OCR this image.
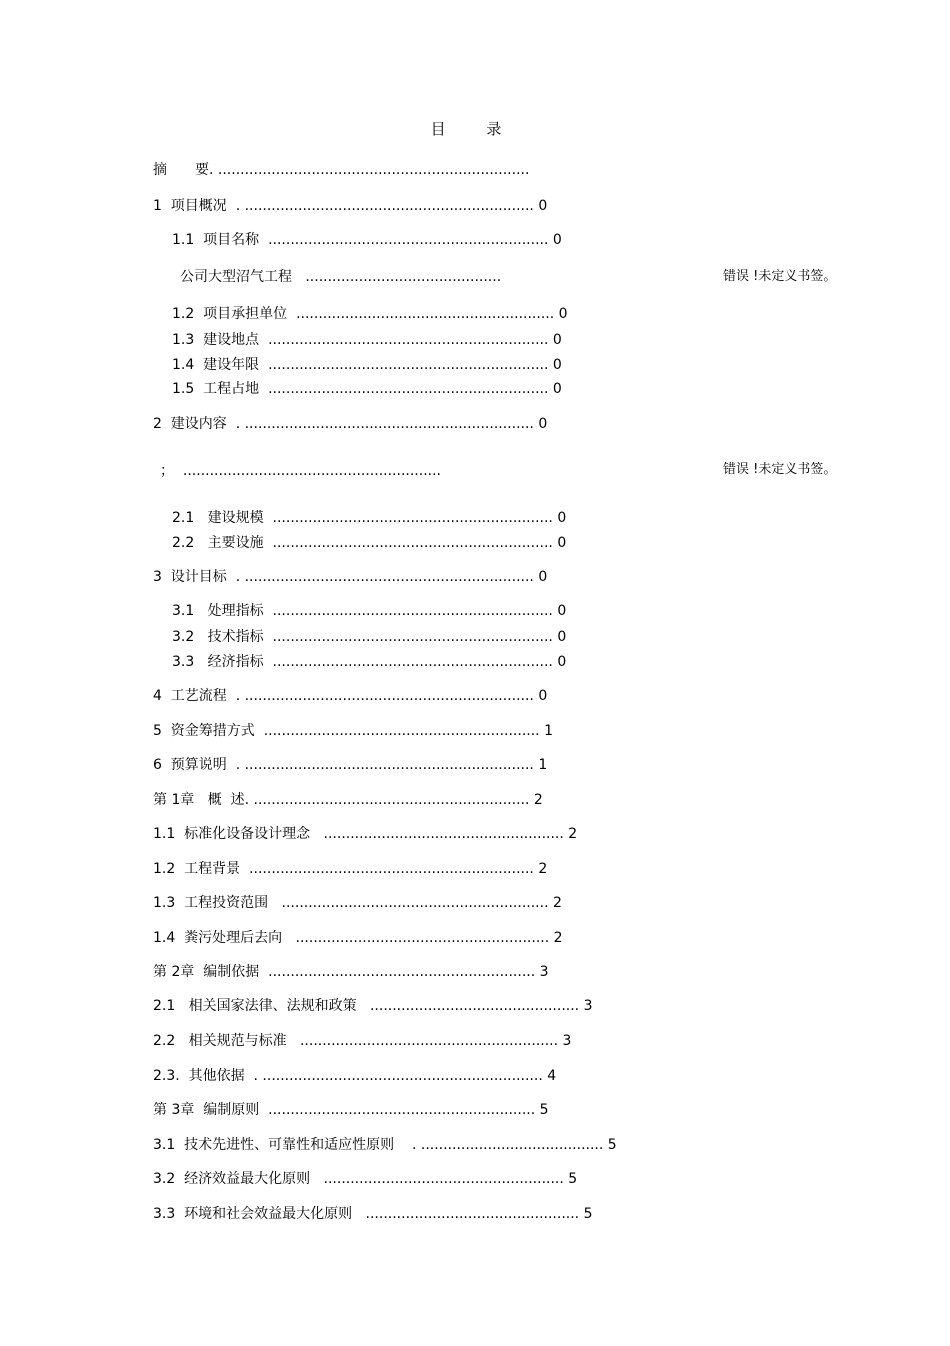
目 录
摘　　要. ......................................................................
1  项目概况  . ................................................................. 0
1.1  项目名称  ............................................................... 0
公司大型沼气工程   ............................................
1.2  项目承担单位  .......................................................... 0
1.3  建设地点  ............................................................... 0
1.4  建设年限  ............................................................... 0
1.5  工程占地  ............................................................... 0
2  建设内容  . ................................................................. 0
；  ..........................................................
2.1   建设规模  ............................................................... 0
2.2   主要设施  ............................................................... 0
3  设计目标  . ................................................................. 0
3.1   处理指标  ............................................................... 0
3.2   技术指标  ............................................................... 0
3.3   经济指标  ............................................................... 0
4  工艺流程  . ................................................................. 0
5  资金筹措方式  .............................................................. 1
6  预算说明  . ................................................................. 1
第 1章   概  述. .............................................................. 2
1.1  标准化设备设计理念   ...................................................... 2
1.2  工程背景  ................................................................ 2
1.3  工程投资范围   ............................................................ 2
1.4  粪污处理后去向   ......................................................... 2
第 2章  编制依据  ............................................................ 3
2.1   相关国家法律、法规和政策   ............................................... 3
2.2   相关规范与标准   .......................................................... 3
2.3.  其他依据  . ............................................................... 4
第 3章  编制原则  ............................................................ 5
3.1  技术先进性、可靠性和适应性原则    . ......................................... 5
3.2  经济效益最大化原则   ...................................................... 5
3.3  环境和社会效益最大化原则   ................................................ 5
错误 !未定义书签。
错误 !未定义书签。
